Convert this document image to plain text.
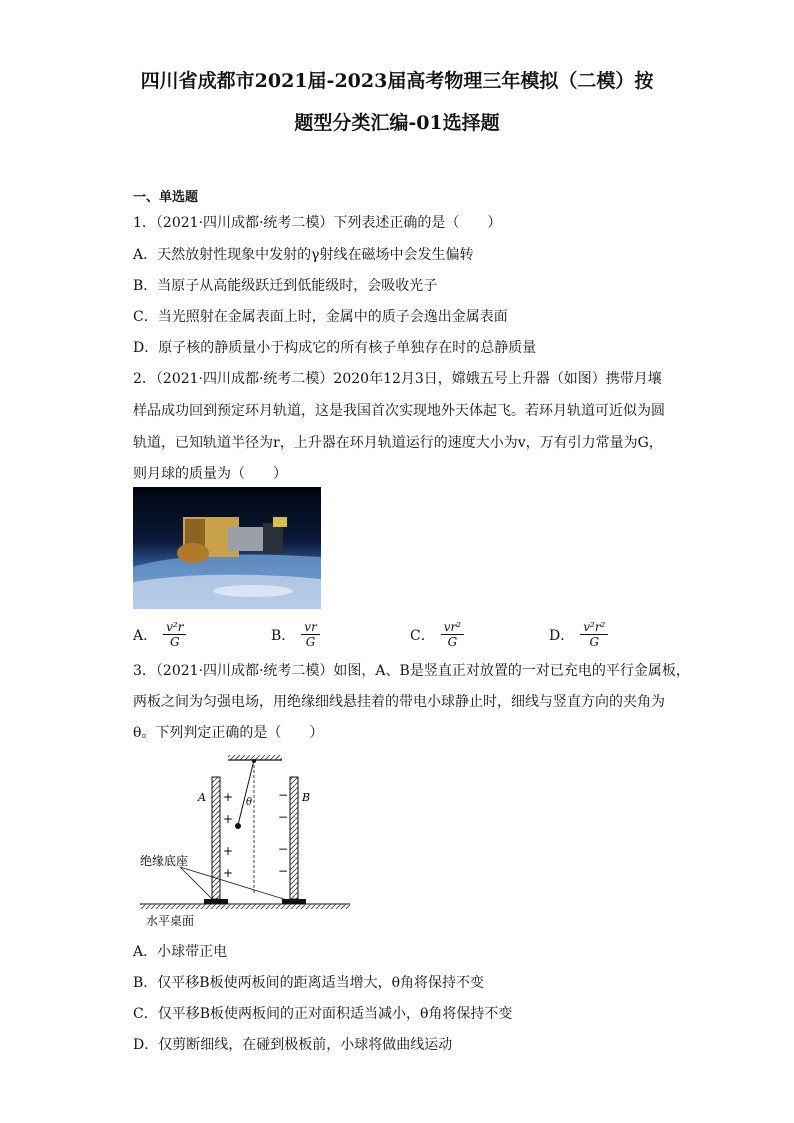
四川省成都市2021届-2023届高考物理三年模拟（二模）按
题型分类汇编-01选择题
一、单选题
1．（2021·四川成都·统考二模）下列表述正确的是（　　）
A．天然放射性现象中发射的γ射线在磁场中会发生偏转
B．当原子从高能级跃迁到低能级时，会吸收光子
C．当光照射在金属表面上时，金属中的质子会逸出金属表面
D．原子核的静质量小于构成它的所有核子单独存在时的总静质量
2．（2021·四川成都·统考二模）2020年12月3日，嫦娥五号上升器（如图）携带月壤
样品成功回到预定环月轨道，这是我国首次实现地外天体起飞。若环月轨道可近似为圆
轨道，已知轨道半径为r，上升器在环月轨道运行的速度大小为v，万有引力常量为G，
则月球的质量为（　　）
A． $\frac{\text{v²r}}{G}$	B． $\frac{vr}{G}$	C． $\frac{\text{vr²}}{G}$	D． $\frac{\text{v²r²}}{G}$
3．（2021·四川成都·统考二模）如图，A、B是竖直正对放置的一对已充电的平行金属板，
两板之间为匀强电场，用绝缘细线悬挂着的带电小球静止时，细线与竖直方向的夹角为
θ。下列判定正确的是（　　）
A	B
θ
+
+
+
+
−
−
−
−
绝缘底座
水平桌面
A．小球带正电
B．仅平移B板使两板间的距离适当增大，θ角将保持不变
C．仅平移B板使两板间的正对面积适当减小，θ角将保持不变
D．仅剪断细线，在碰到极板前，小球将做曲线运动
